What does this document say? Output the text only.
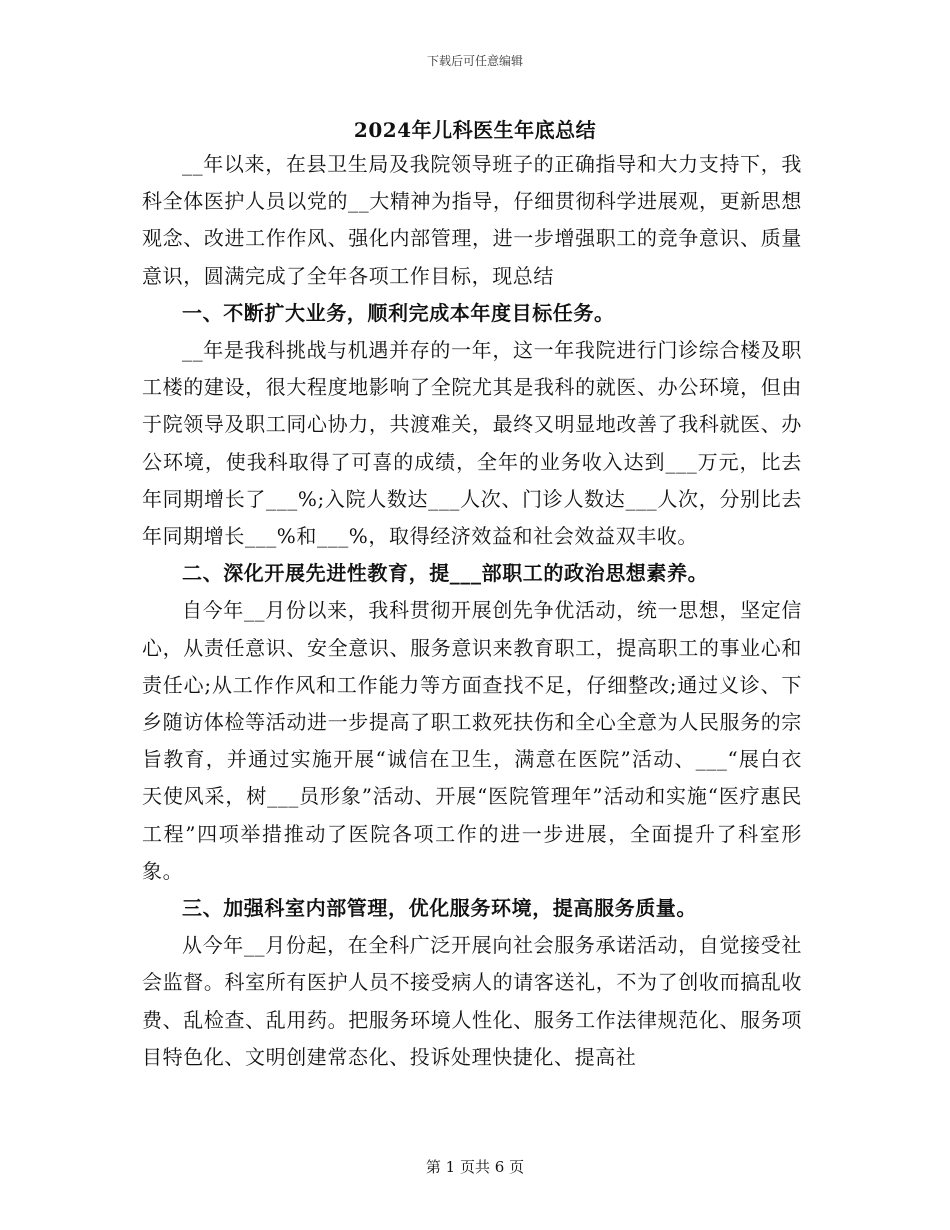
下载后可任意编辑
2024年儿科医生年底总结

__年以来，在县卫生局及我院领导班子的正确指导和大力支持下，我科全体医护人员以党的__大精神为指导，仔细贯彻科学进展观，更新思想观念、改进工作作风、强化内部管理，进一步增强职工的竞争意识、质量意识，圆满完成了全年各项工作目标，现总结

一、不断扩大业务，顺利完成本年度目标任务。

__年是我科挑战与机遇并存的一年，这一年我院进行门诊综合楼及职工楼的建设，很大程度地影响了全院尤其是我科的就医、办公环境，但由于院领导及职工同心协力，共渡难关，最终又明显地改善了我科就医、办公环境，使我科取得了可喜的成绩，全年的业务收入达到___万元，比去年同期增长了___%;入院人数达___人次、门诊人数达___人次，分别比去年同期增长___%和___%，取得经济效益和社会效益双丰收。

二、深化开展先进性教育，提___部职工的政治思想素养。

自今年__月份以来，我科贯彻开展创先争优活动，统一思想，坚定信心，从责任意识、安全意识、服务意识来教育职工，提高职工的事业心和责任心;从工作作风和工作能力等方面查找不足，仔细整改;通过义诊、下乡随访体检等活动进一步提高了职工救死扶伤和全心全意为人民服务的宗旨教育，并通过实施开展“诚信在卫生，满意在医院”活动、___“展白衣天使风采，树___员形象”活动、开展“医院管理年”活动和实施“医疗惠民工程”四项举措推动了医院各项工作的进一步进展，全面提升了科室形象。

三、加强科室内部管理，优化服务环境，提高服务质量。

从今年__月份起，在全科广泛开展向社会服务承诺活动，自觉接受社会监督。科室所有医护人员不接受病人的请客送礼，不为了创收而搞乱收费、乱检查、乱用药。把服务环境人性化、服务工作法律规范化、服务项目特色化、文明创建常态化、投诉处理快捷化、提高社

第 1 页共 6 页
